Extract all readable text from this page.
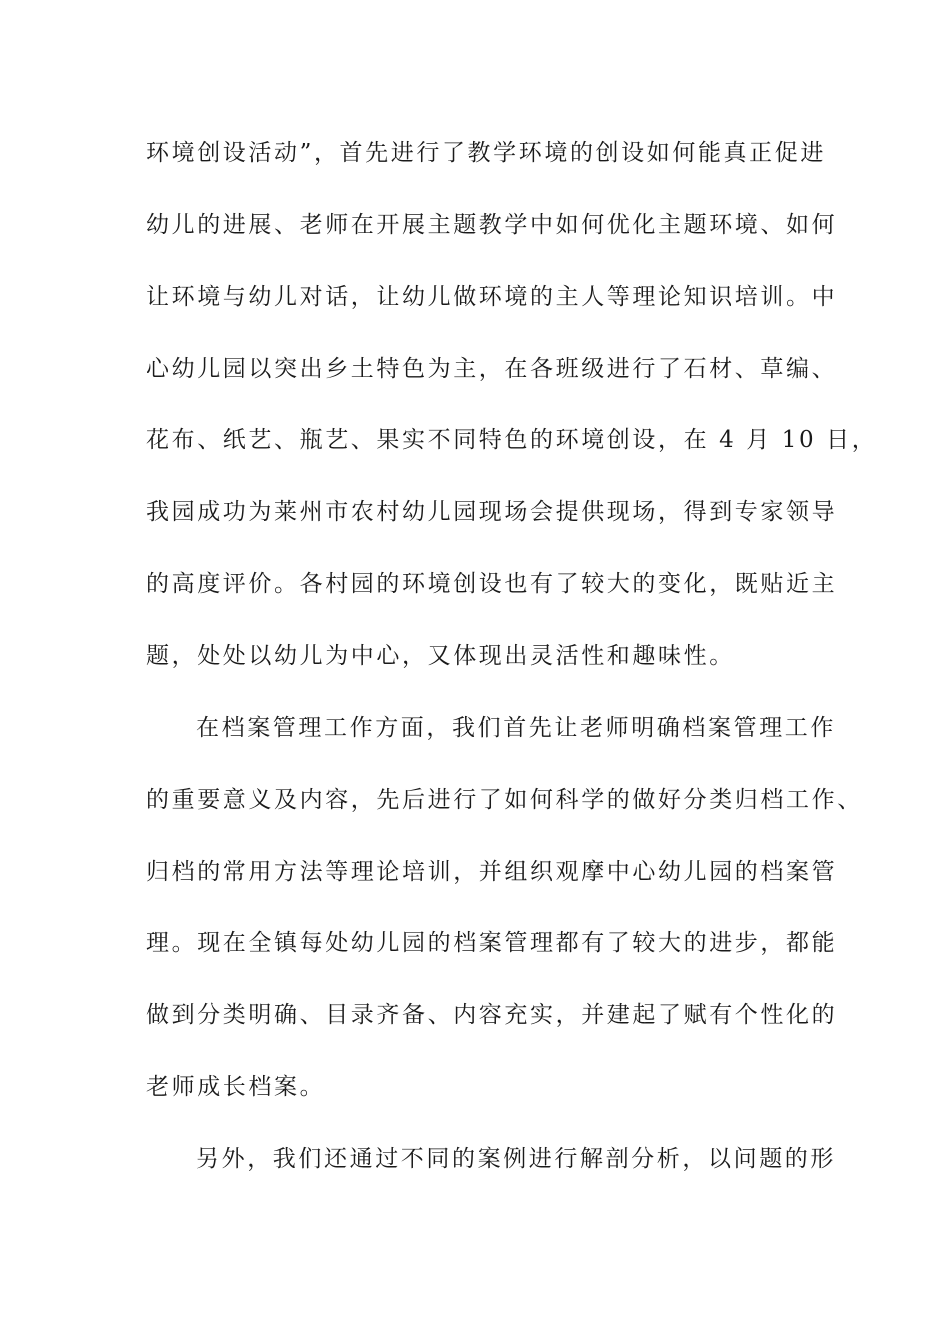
环境创设活动”，首先进行了教学环境的创设如何能真正促进
幼儿的进展、老师在开展主题教学中如何优化主题环境、如何
让环境与幼儿对话，让幼儿做环境的主人等理论知识培训。中
心幼儿园以突出乡土特色为主，在各班级进行了石材、草编、
花布、纸艺、瓶艺、果实不同特色的环境创设，在 4 月 10 日，
我园成功为莱州市农村幼儿园现场会提供现场，得到专家领导
的高度评价。各村园的环境创设也有了较大的变化，既贴近主
题，处处以幼儿为中心，又体现出灵活性和趣味性。
在档案管理工作方面，我们首先让老师明确档案管理工作
的重要意义及内容，先后进行了如何科学的做好分类归档工作、
归档的常用方法等理论培训，并组织观摩中心幼儿园的档案管
理。现在全镇每处幼儿园的档案管理都有了较大的进步，都能
做到分类明确、目录齐备、内容充实，并建起了赋有个性化的
老师成长档案。
另外，我们还通过不同的案例进行解剖分析，以问题的形
